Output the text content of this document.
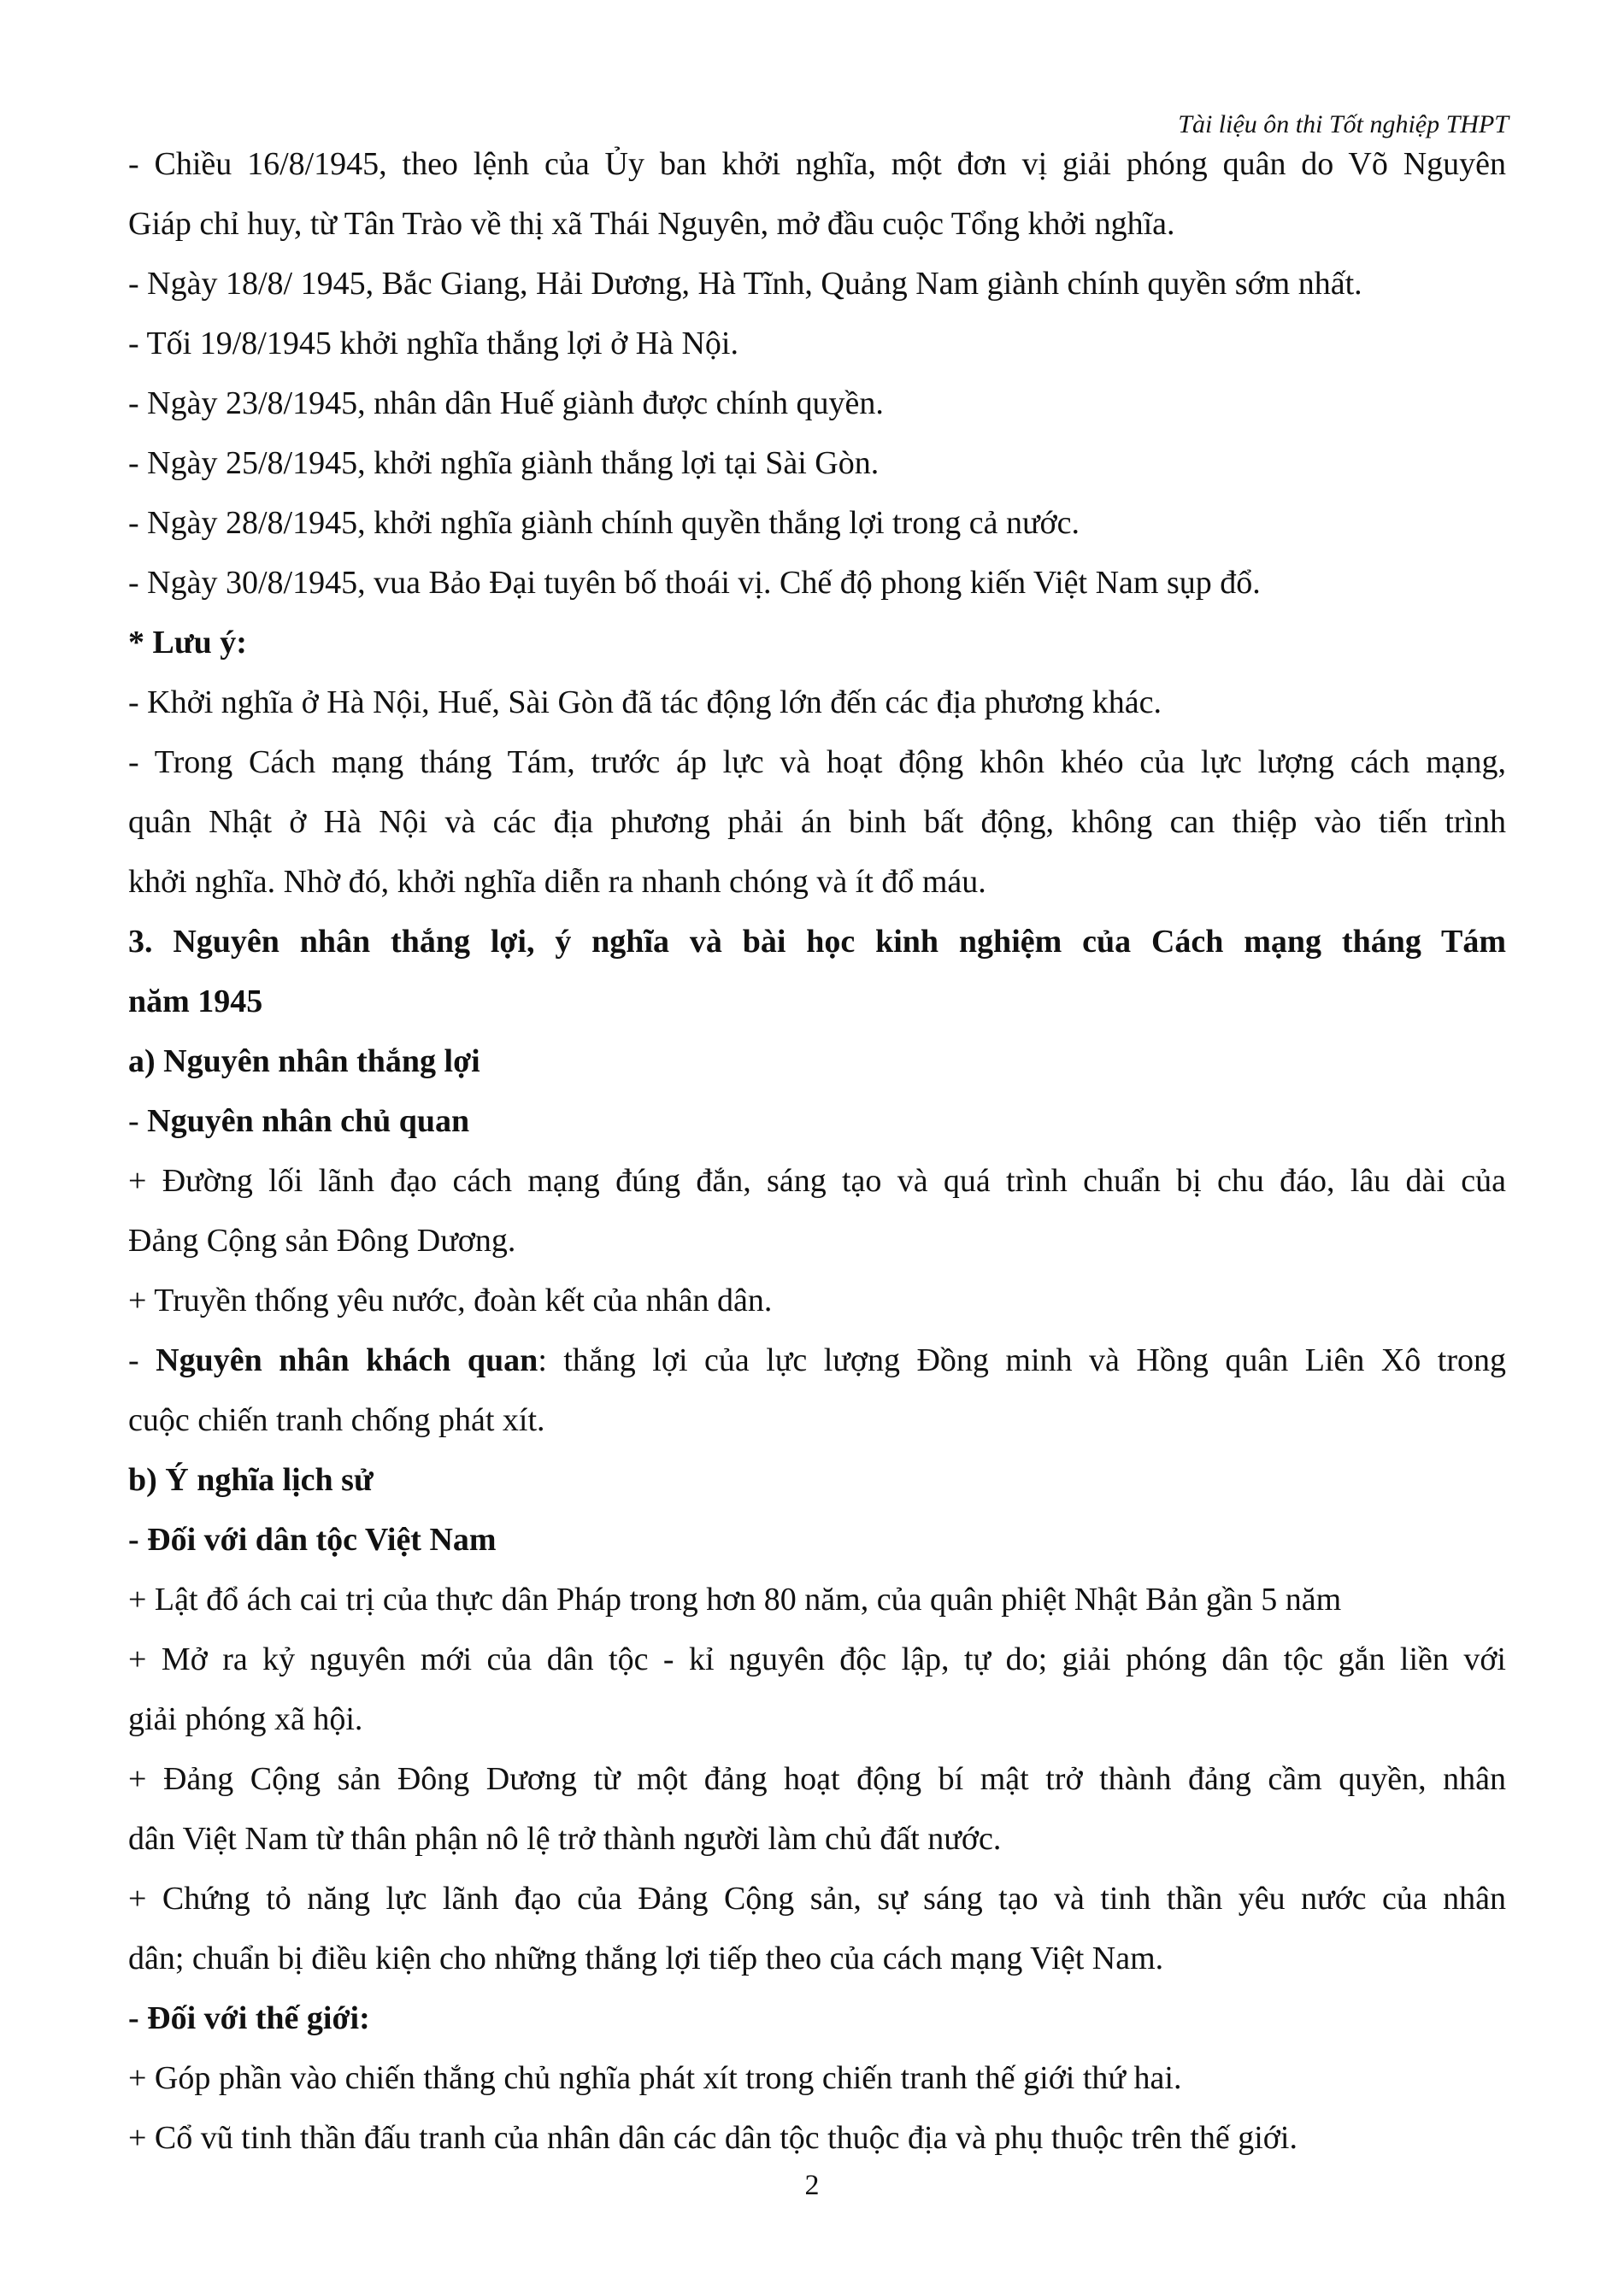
Tài liệu ôn thi Tốt nghiệp THPT
- Chiều 16/8/1945, theo lệnh của Ủy ban khởi nghĩa, một đơn vị giải phóng quân do Võ Nguyên
Giáp chỉ huy, từ Tân Trào về thị xã Thái Nguyên, mở đầu cuộc Tổng khởi nghĩa.
- Ngày 18/8/ 1945, Bắc Giang, Hải Dương, Hà Tĩnh, Quảng Nam giành chính quyền sớm nhất.
- Tối 19/8/1945 khởi nghĩa thắng lợi ở Hà Nội.
- Ngày 23/8/1945, nhân dân Huế giành được chính quyền.
- Ngày 25/8/1945, khởi nghĩa giành thắng lợi tại Sài Gòn.
- Ngày 28/8/1945, khởi nghĩa giành chính quyền thắng lợi trong cả nước.
- Ngày 30/8/1945, vua Bảo Đại tuyên bố thoái vị. Chế độ phong kiến Việt Nam sụp đổ.
* Lưu ý:
- Khởi nghĩa ở Hà Nội, Huế, Sài Gòn đã tác động lớn đến các địa phương khác.
- Trong Cách mạng tháng Tám, trước áp lực và hoạt động khôn khéo của lực lượng cách mạng,
quân Nhật ở Hà Nội và các địa phương phải án binh bất động, không can thiệp vào tiến trình
khởi nghĩa. Nhờ đó, khởi nghĩa diễn ra nhanh chóng và ít đổ máu.
3. Nguyên nhân thắng lợi, ý nghĩa và bài học kinh nghiệm của Cách mạng tháng Tám
năm 1945
a) Nguyên nhân thắng lợi
- Nguyên nhân chủ quan
+ Đường lối lãnh đạo cách mạng đúng đắn, sáng tạo và quá trình chuẩn bị chu đáo, lâu dài của
Đảng Cộng sản Đông Dương.
+ Truyền thống yêu nước, đoàn kết của nhân dân.
- Nguyên nhân khách quan: thắng lợi của lực lượng Đồng minh và Hồng quân Liên Xô trong
cuộc chiến tranh chống phát xít.
b) Ý nghĩa lịch sử
- Đối với dân tộc Việt Nam
+ Lật đổ ách cai trị của thực dân Pháp trong hơn 80 năm, của quân phiệt Nhật Bản gần 5 năm
+ Mở ra kỷ nguyên mới của dân tộc - kỉ nguyên độc lập, tự do; giải phóng dân tộc gắn liền với
giải phóng xã hội.
+ Đảng Cộng sản Đông Dương từ một đảng hoạt động bí mật trở thành đảng cầm quyền, nhân
dân Việt Nam từ thân phận nô lệ trở thành người làm chủ đất nước.
+ Chứng tỏ năng lực lãnh đạo của Đảng Cộng sản, sự sáng tạo và tinh thần yêu nước của nhân
dân; chuẩn bị điều kiện cho những thắng lợi tiếp theo của cách mạng Việt Nam.
- Đối với thế giới:
+ Góp phần vào chiến thắng chủ nghĩa phát xít trong chiến tranh thế giới thứ hai.
+ Cổ vũ tinh thần đấu tranh của nhân dân các dân tộc thuộc địa và phụ thuộc trên thế giới.
2
